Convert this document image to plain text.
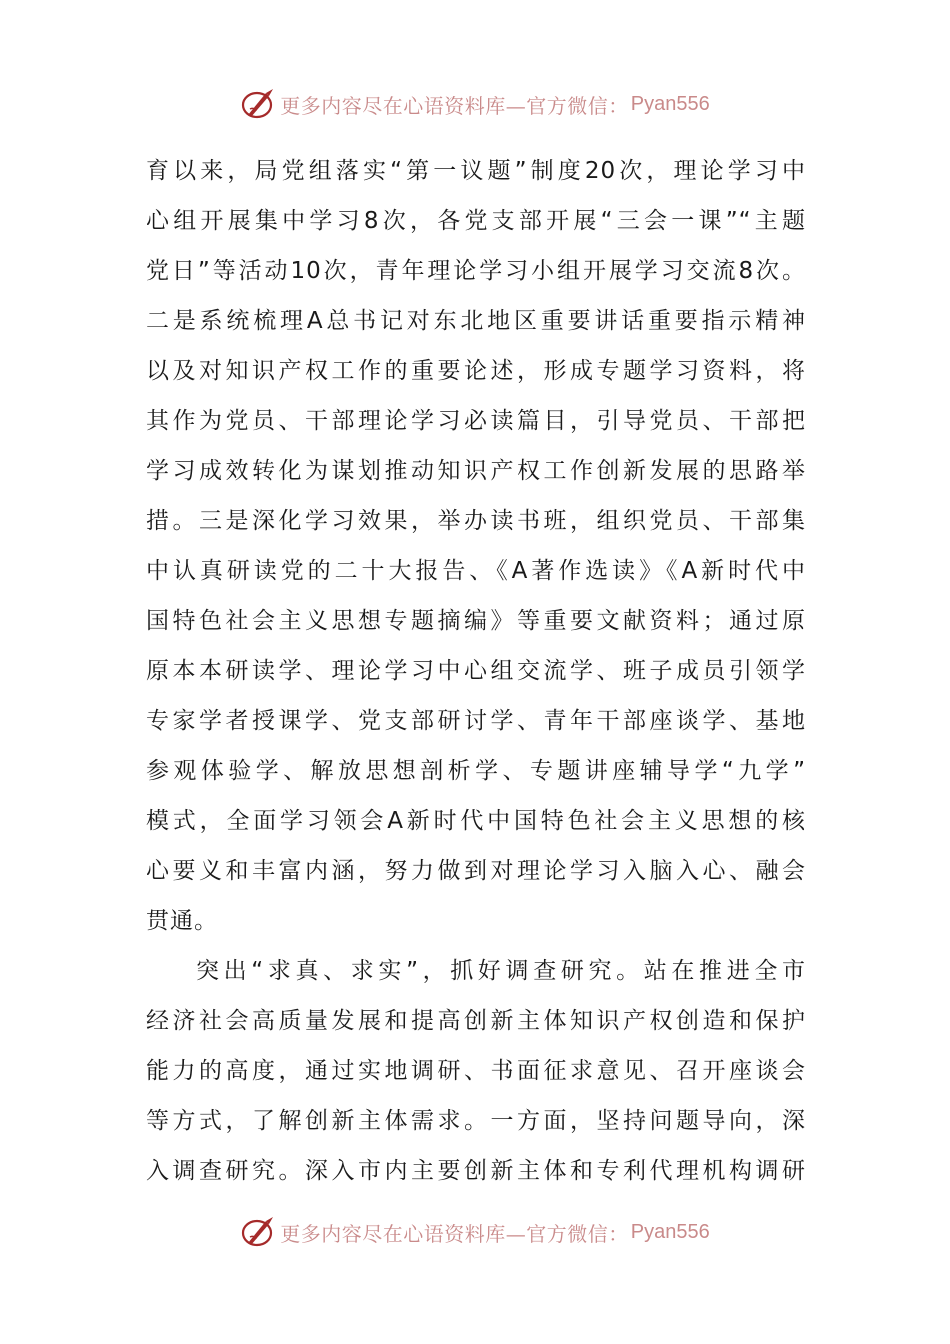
更多内容尽在心语资料库—官方微信： Pyan556
育以来，局党组落实“第一议题”制度20次，理论学习中
心组开展集中学习8次，各党支部开展“三会一课”“主题
党日”等活动10次，青年理论学习小组开展学习交流8次。
二是系统梳理A总书记对东北地区重要讲话重要指示精神
以及对知识产权工作的重要论述，形成专题学习资料，将
其作为党员、干部理论学习必读篇目，引导党员、干部把
学习成效转化为谋划推动知识产权工作创新发展的思路举
措。三是深化学习效果，举办读书班，组织党员、干部集
中认真研读党的二十大报告、《A著作选读》《A新时代中
国特色社会主义思想专题摘编》等重要文献资料；通过原
原本本研读学、理论学习中心组交流学、班子成员引领学
专家学者授课学、党支部研讨学、青年干部座谈学、基地
参观体验学、解放思想剖析学、专题讲座辅导学“九学”
模式，全面学习领会A新时代中国特色社会主义思想的核
心要义和丰富内涵，努力做到对理论学习入脑入心、融会
贯通。
突出“求真、求实”，抓好调查研究。站在推进全市
经济社会高质量发展和提高创新主体知识产权创造和保护
能力的高度，通过实地调研、书面征求意见、召开座谈会
等方式，了解创新主体需求。一方面，坚持问题导向，深
入调查研究。深入市内主要创新主体和专利代理机构调研
更多内容尽在心语资料库—官方微信： Pyan556
